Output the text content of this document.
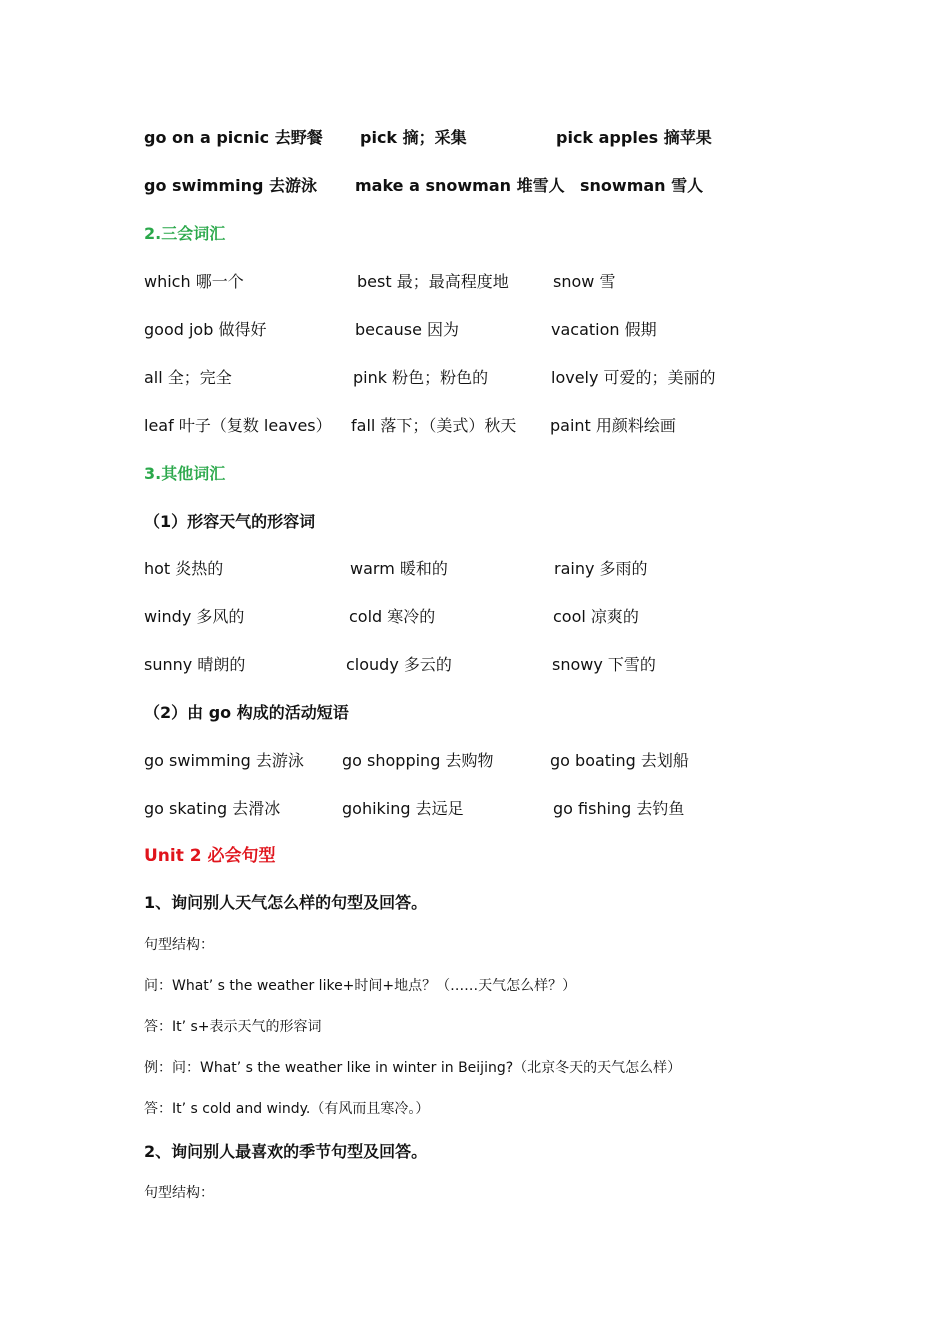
go on a picnic 去野餐 pick 摘；采集	pick apples 摘苹果
go swimming 去游泳 make a snowman 堆雪人 snowman 雪人
2.三会词汇
which 哪一个	best 最；最高程度地	snow 雪
good job 做得好	because 因为	vacation 假期
all 全；完全	pink 粉色；粉色的	lovely 可爱的；美丽的
leaf 叶子（复数 leaves） fall 落下；（美式）秋天 paint 用颜料绘画
3.其他词汇
（1）形容天气的形容词
hot 炎热的	warm 暖和的	rainy 多雨的
windy 多风的	cold 寒冷的	cool 凉爽的
sunny 晴朗的	cloudy 多云的	snowy 下雪的
（2）由 go 构成的活动短语
go swimming 去游泳 go shopping 去购物	go boating 去划船
go skating 去滑冰	gohiking 去远足	go fishing 去钓鱼
Unit 2 必会句型
1、询问别人天气怎么样的句型及回答。
句型结构：
问：What’ s the weather like+时间+地点？（……天气怎么样？）
答：It’ s+表示天气的形容词
例：问：What’ s the weather like in winter in Beijing?（北京冬天的天气怎么样）
答：It’ s cold and windy.（有风而且寒冷。）
2、询问别人最喜欢的季节句型及回答。
句型结构：
